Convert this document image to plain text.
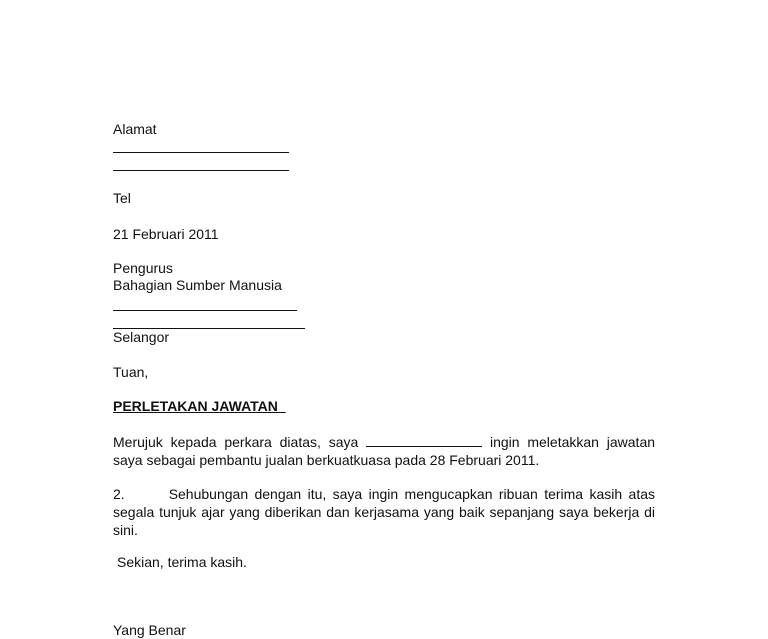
Alamat
Tel
21 Februari 2011
Pengurus
Bahagian Sumber Manusia
Selangor
Tuan,
PERLETAKAN JAWATAN
Merujuk kepada perkara diatas, saya	ingin meletakkan jawatan saya sebagai pembantu jualan berkuatkuasa pada 28 Februari 2011.
2.	Sehubungan dengan itu, saya ingin mengucapkan ribuan terima kasih atas segala tunjuk ajar yang diberikan dan kerjasama yang baik sepanjang saya bekerja di sini.
Sekian, terima kasih.
Yang Benar
